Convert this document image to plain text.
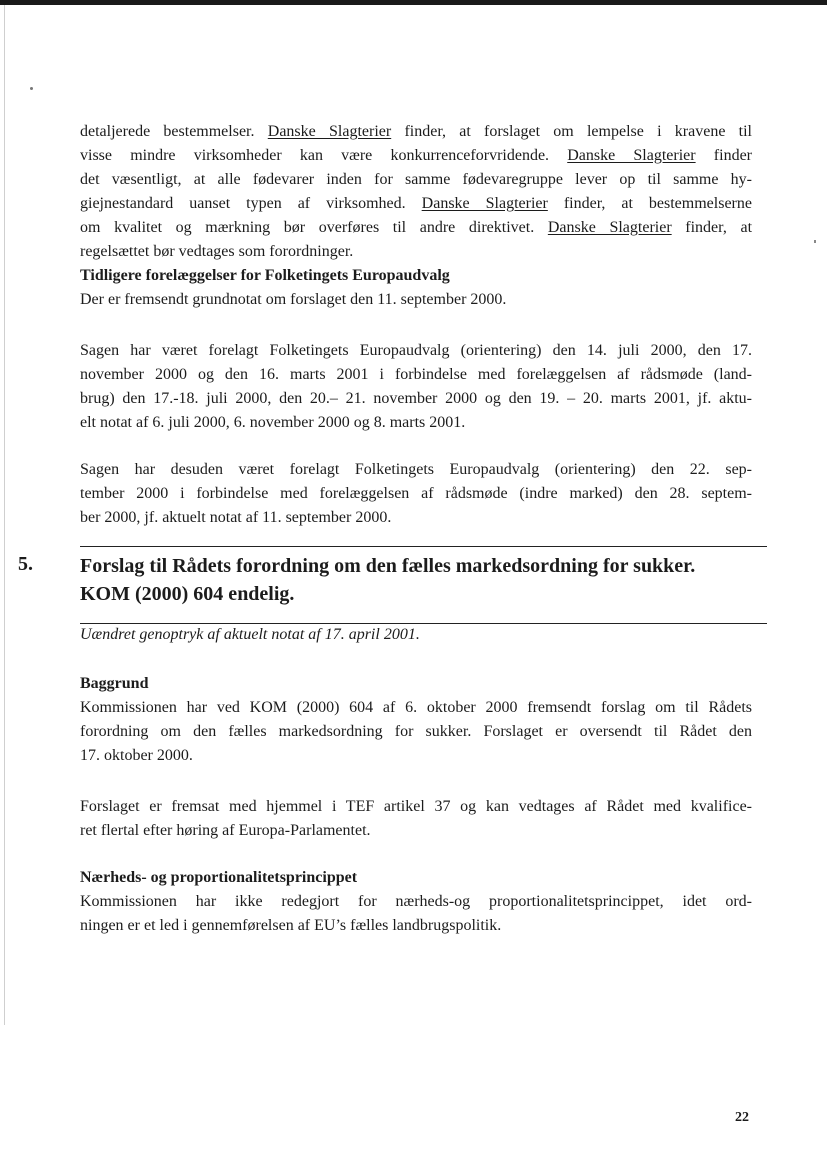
detaljerede bestemmelser. Danske Slagterier finder, at forslaget om lempelse i kravene til
visse mindre virksomheder kan være konkurrenceforvridende. Danske Slagterier finder
det væsentligt, at alle fødevarer inden for samme fødevaregruppe lever op til samme hy-
giejnestandard uanset typen af virksomhed. Danske Slagterier finder, at bestemmelserne
om kvalitet og mærkning bør overføres til andre direktivet. Danske Slagterier finder, at
regelsættet bør vedtages som forordninger.
Tidligere forelæggelser for Folketingets Europaudvalg
Der er fremsendt grundnotat om forslaget den 11. september 2000.
Sagen har været forelagt Folketingets Europaudvalg (orientering) den 14. juli 2000, den 17.
november 2000 og den 16. marts 2001 i forbindelse med forelæggelsen af rådsmøde (land-
brug) den 17.-18. juli 2000, den 20.– 21. november 2000 og den 19. – 20. marts 2001, jf. aktu-
elt notat af 6. juli 2000, 6. november 2000 og 8. marts 2001.
Sagen har desuden været forelagt Folketingets Europaudvalg (orientering) den 22. sep-
tember 2000 i forbindelse med forelæggelsen af rådsmøde (indre marked) den 28. septem-
ber 2000, jf. aktuelt notat af 11. september 2000.
5. Forslag til Rådets forordning om den fælles markedsordning for sukker.
KOM (2000) 604 endelig.
Uændret genoptryk af aktuelt notat af 17. april 2001.
Baggrund
Kommissionen har ved KOM (2000) 604 af 6. oktober 2000 fremsendt forslag om til Rådets
forordning om den fælles markedsordning for sukker. Forslaget er oversendt til Rådet den
17. oktober 2000.
Forslaget er fremsat med hjemmel i TEF artikel 37 og kan vedtages af Rådet med kvalifice-
ret flertal efter høring af Europa-Parlamentet.
Nærheds- og proportionalitetsprincippet
Kommissionen har ikke redegjort for nærheds-og proportionalitetsprincippet, idet ord-
ningen er et led i gennemførelsen af EU’s fælles landbrugspolitik.
22
